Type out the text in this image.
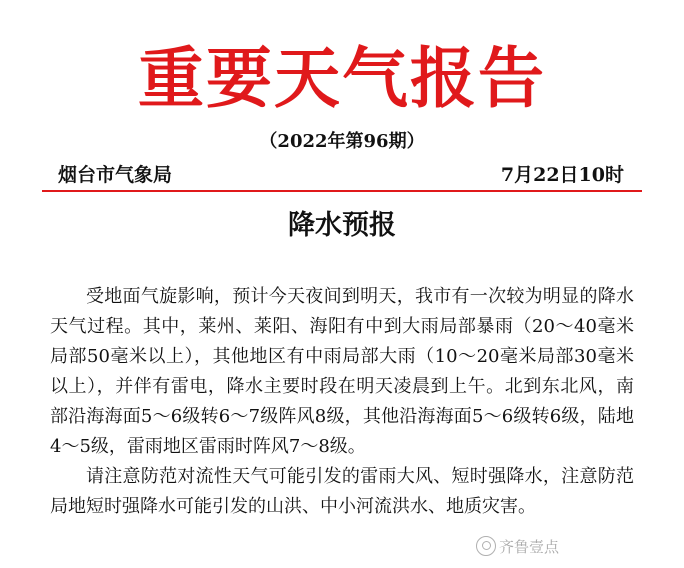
重要天气报告
（2022年第96期）
烟台市气象局	7月22日10时
降水预报

受地面气旋影响，预计今天夜间到明天，我市有一次较为明显的降水天气过程。其中，莱州、莱阳、海阳有中到大雨局部暴雨（20～40毫米局部50毫米以上），其他地区有中雨局部大雨（10～20毫米局部30毫米以上），并伴有雷电，降水主要时段在明天凌晨到上午。北到东北风，南部沿海海面5～6级转6～7级阵风8级，其他沿海海面5～6级转6级，陆地4～5级，雷雨地区雷雨时阵风7～8级。

请注意防范对流性天气可能引发的雷雨大风、短时强降水，注意防范局地短时强降水可能引发的山洪、中小河流洪水、地质灾害。

齐鲁壹点
